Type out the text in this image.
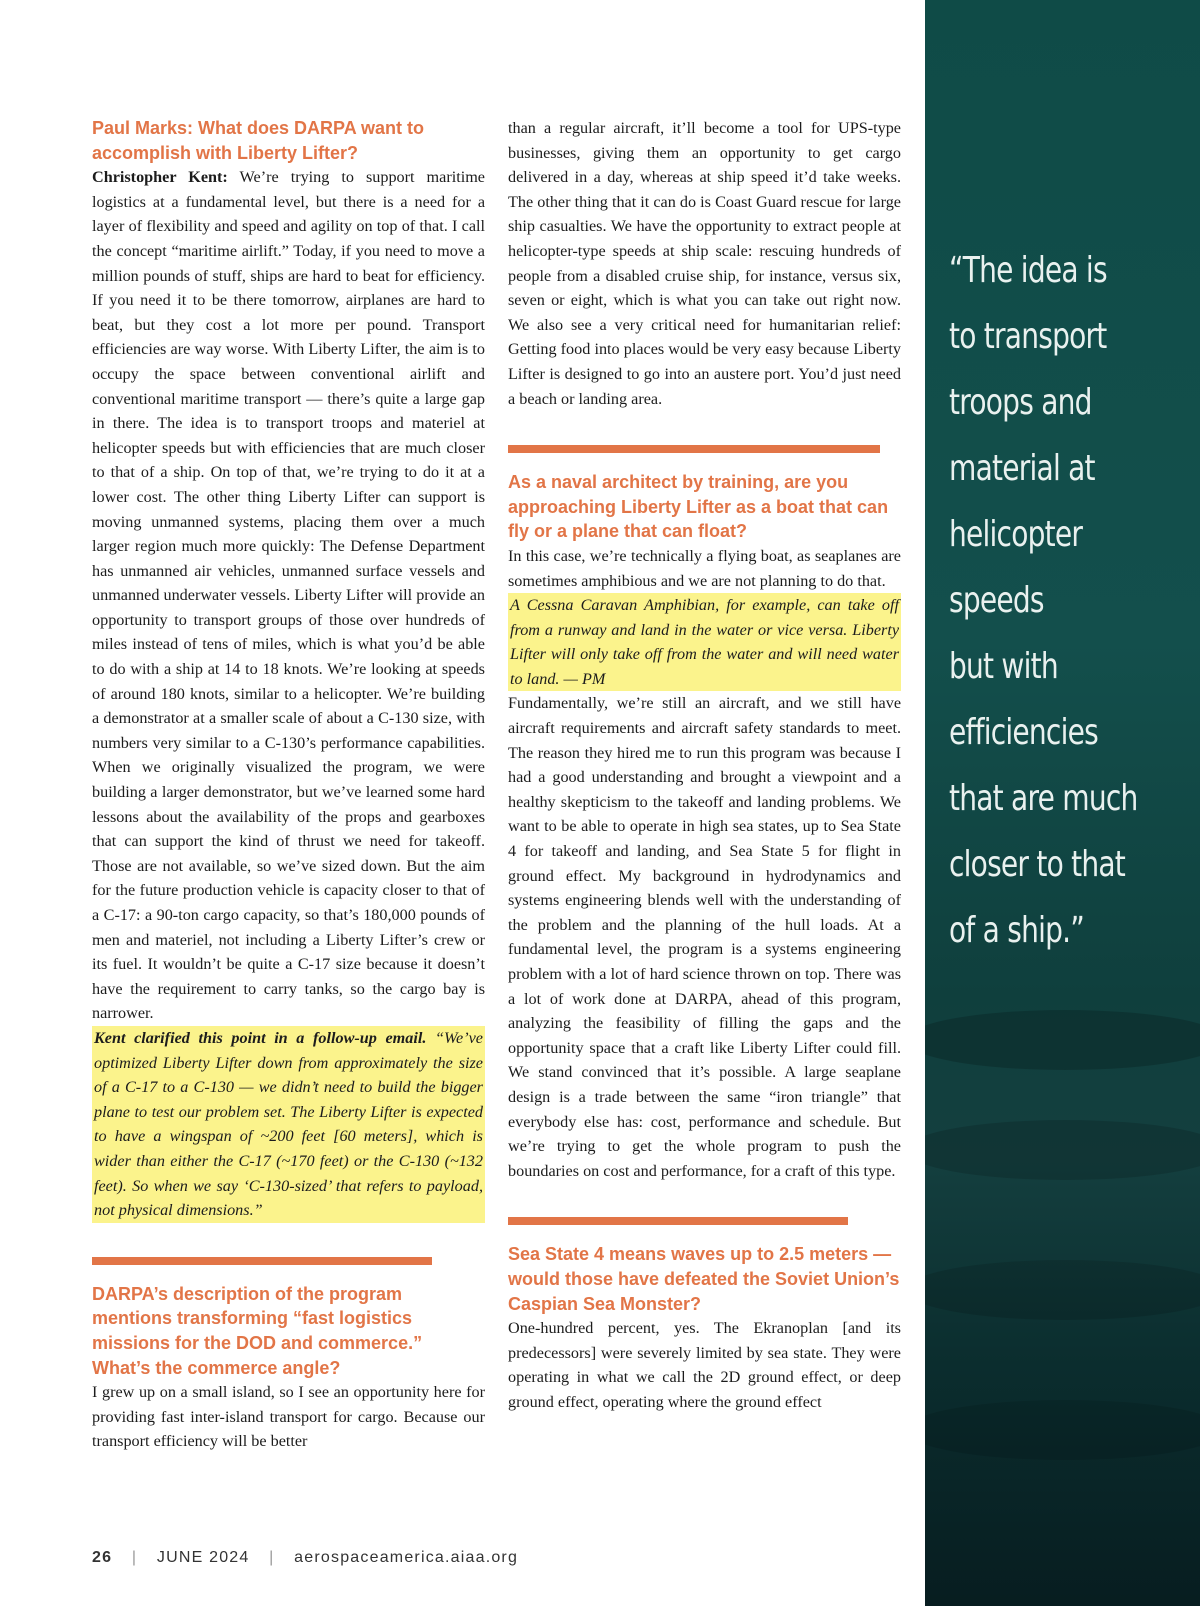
Paul Marks: What does DARPA want to accomplish with Liberty Lifter?

Christopher Kent: We’re trying to support maritime logistics at a fundamental level, but there is a need for a layer of flexibility and speed and agility on top of that. I call the concept “maritime airlift.” Today, if you need to move a million pounds of stuff, ships are hard to beat for efficiency. If you need it to be there tomorrow, airplanes are hard to beat, but they cost a lot more per pound. Transport efficiencies are way worse. With Liberty Lifter, the aim is to occupy the space between conventional airlift and conventional maritime transport — there’s quite a large gap in there. The idea is to transport troops and materiel at helicopter speeds but with efficiencies that are much closer to that of a ship. On top of that, we’re trying to do it at a lower cost. The other thing Liberty Lifter can support is moving unmanned systems, placing them over a much larger region much more quickly: The Defense Department has unmanned air vehicles, unmanned surface vessels and unmanned underwater vessels. Liberty Lifter will provide an opportunity to transport groups of those over hundreds of miles instead of tens of miles, which is what you’d be able to do with a ship at 14 to 18 knots. We’re looking at speeds of around 180 knots, similar to a helicopter. We’re building a demonstrator at a smaller scale of about a C-130 size, with numbers very similar to a C-130’s performance capabilities. When we originally visualized the program, we were building a larger demonstrator, but we’ve learned some hard lessons about the availability of the props and gearboxes that can support the kind of thrust we need for takeoff. Those are not available, so we’ve sized down. But the aim for the future production vehicle is capacity closer to that of a C-17: a 90-ton cargo capacity, so that’s 180,000 pounds of men and materiel, not including a Liberty Lifter’s crew or its fuel. It wouldn’t be quite a C-17 size because it doesn’t have the requirement to carry tanks, so the cargo bay is narrower.

Kent clarified this point in a follow-up email. “We’ve optimized Liberty Lifter down from approximately the size of a C-17 to a C-130 — we didn’t need to build the bigger plane to test our problem set. The Liberty Lifter is expected to have a wingspan of ~200 feet [60 meters], which is wider than either the C-17 (~170 feet) or the C-130 (~132 feet). So when we say ‘C-130-sized’ that refers to payload, not physical dimensions.”

DARPA’s description of the program mentions transforming “fast logistics missions for the DOD and commerce.” What’s the commerce angle?

I grew up on a small island, so I see an opportunity here for providing fast inter-island transport for cargo. Because our transport efficiency will be better

than a regular aircraft, it’ll become a tool for UPS-type businesses, giving them an opportunity to get cargo delivered in a day, whereas at ship speed it’d take weeks. The other thing that it can do is Coast Guard rescue for large ship casualties. We have the opportunity to extract people at helicopter-type speeds at ship scale: rescuing hundreds of people from a disabled cruise ship, for instance, versus six, seven or eight, which is what you can take out right now. We also see a very critical need for humanitarian relief: Getting food into places would be very easy because Liberty Lifter is designed to go into an austere port. You’d just need a beach or landing area.

As a naval architect by training, are you approaching Liberty Lifter as a boat that can fly or a plane that can float?

In this case, we’re technically a flying boat, as seaplanes are sometimes amphibious and we are not planning to do that.

A Cessna Caravan Amphibian, for example, can take off from a runway and land in the water or vice versa. Liberty Lifter will only take off from the water and will need water to land. — PM

Fundamentally, we’re still an aircraft, and we still have aircraft requirements and aircraft safety standards to meet. The reason they hired me to run this program was because I had a good understanding and brought a viewpoint and a healthy skepticism to the takeoff and landing problems. We want to be able to operate in high sea states, up to Sea State 4 for takeoff and landing, and Sea State 5 for flight in ground effect. My background in hydrodynamics and systems engineering blends well with the understanding of the problem and the planning of the hull loads. At a fundamental level, the program is a systems engineering problem with a lot of hard science thrown on top. There was a lot of work done at DARPA, ahead of this program, analyzing the feasibility of filling the gaps and the opportunity space that a craft like Liberty Lifter could fill. We stand convinced that it’s possible. A large seaplane design is a trade between the same “iron triangle” that everybody else has: cost, performance and schedule. But we’re trying to get the whole program to push the boundaries on cost and performance, for a craft of this type.

Sea State 4 means waves up to 2.5 meters — would those have defeated the Soviet Union’s Caspian Sea Monster?

One-hundred percent, yes. The Ekranoplan [and its predecessors] were severely limited by sea state. They were operating in what we call the 2D ground effect, or deep ground effect, operating where the ground effect

“The idea is
to transport
troops and
material at
helicopter
speeds
but with
efficiencies
that are much
closer to that
of a ship.”
26 | JUNE 2024 | aerospaceamerica.aiaa.org
